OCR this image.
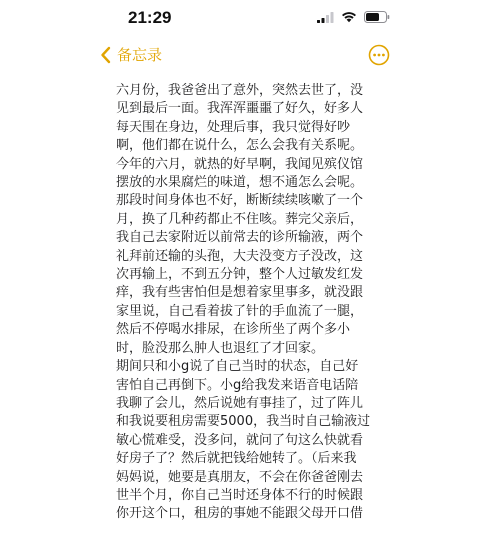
21:29
备忘录
六月份，我爸爸出了意外，突然去世了，没
见到最后一面。我浑浑噩噩了好久，好多人
每天围在身边，处理后事，我只觉得好吵
啊，他们都在说什么，怎么会我有关系呢。
今年的六月，就热的好早啊，我闻见殡仪馆
摆放的水果腐烂的味道，想不通怎么会呢。
那段时间身体也不好，断断续续咳嗽了一个
月，换了几种药都止不住咳。葬完父亲后，
我自己去家附近以前常去的诊所输液，两个
礼拜前还输的头孢，大夫没变方子没改，这
次再输上，不到五分钟，整个人过敏发红发
痒，我有些害怕但是想着家里事多，就没跟
家里说，自己看着拔了针的手血流了一腿，
然后不停喝水排尿，在诊所坐了两个多小
时，脸没那么肿人也退红了才回家。
期间只和小g说了自己当时的状态，自己好
害怕自己再倒下。小g给我发来语音电话陪
我聊了会儿，然后说她有事挂了，过了阵儿
和我说要租房需要5000，我当时自己输液过
敏心慌难受，没多问，就问了句这么快就看
好房子了？然后就把钱给她转了。（后来我
妈妈说，她要是真朋友，不会在你爸爸刚去
世半个月，你自己当时还身体不行的时候跟
你开这个口，租房的事她不能跟父母开口借
